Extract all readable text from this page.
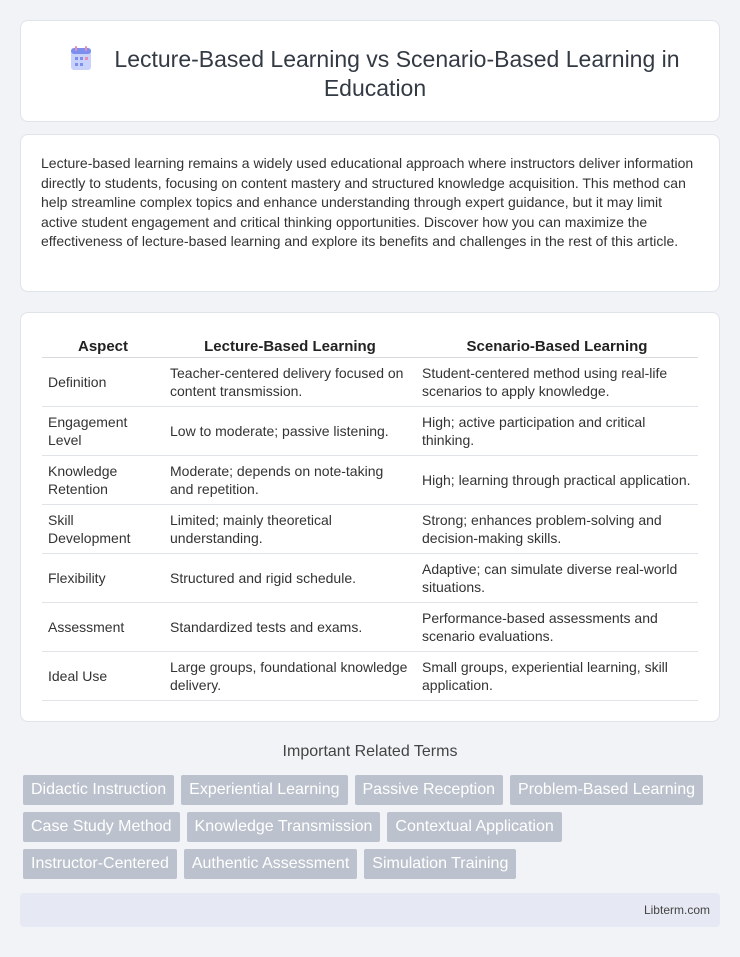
Lecture-Based Learning vs Scenario-Based Learning in Education

Lecture-based learning remains a widely used educational approach where instructors deliver information directly to students, focusing on content mastery and structured knowledge acquisition. This method can help streamline complex topics and enhance understanding through expert guidance, but it may limit active student engagement and critical thinking opportunities. Discover how you can maximize the effectiveness of lecture-based learning and explore its benefits and challenges in the rest of this article.

Aspect	Lecture-Based Learning	Scenario-Based Learning
Definition	Teacher-centered delivery focused on content transmission.	Student-centered method using real-life scenarios to apply knowledge.
Engagement Level	Low to moderate; passive listening.	High; active participation and critical thinking.
Knowledge Retention	Moderate; depends on note-taking and repetition.	High; learning through practical application.
Skill Development	Limited; mainly theoretical understanding.	Strong; enhances problem-solving and decision-making skills.
Flexibility	Structured and rigid schedule.	Adaptive; can simulate diverse real-world situations.
Assessment	Standardized tests and exams.	Performance-based assessments and scenario evaluations.
Ideal Use	Large groups, foundational knowledge delivery.	Small groups, experiential learning, skill application.
Important Related Terms
Didactic Instruction	Experiential Learning	Passive Reception	Problem-Based Learning
Case Study Method	Knowledge Transmission	Contextual Application
Instructor-Centered	Authentic Assessment	Simulation Training
Libterm.com
